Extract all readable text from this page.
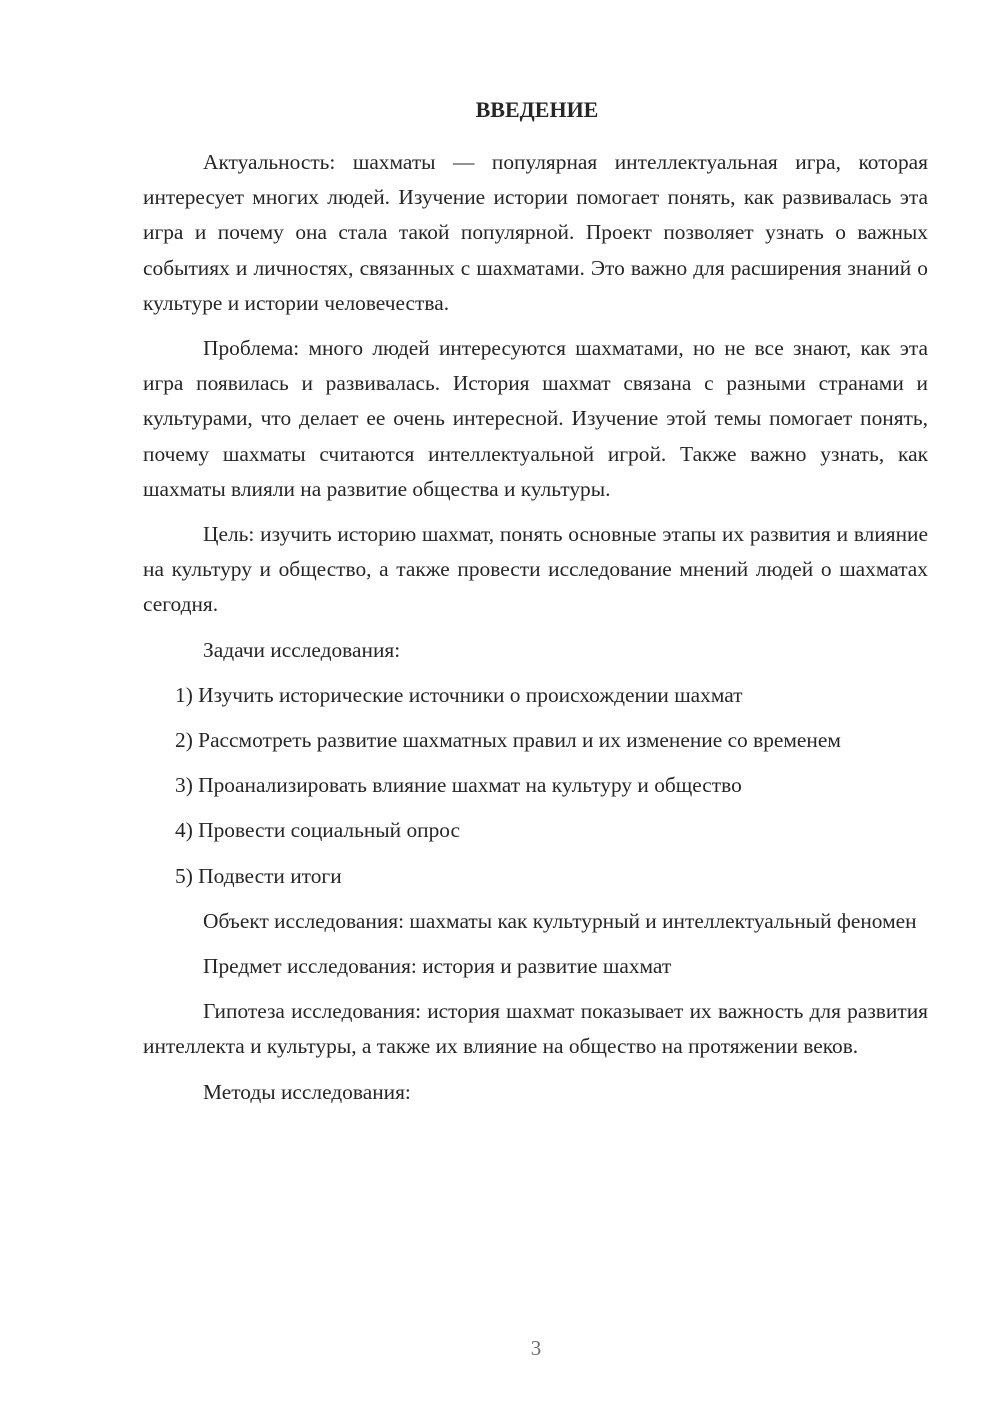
ВВЕДЕНИЕ

Актуальность: шахматы — популярная интеллектуальная игра, которая интересует многих людей. Изучение истории помогает понять, как развивалась эта игра и почему она стала такой популярной. Проект позволяет узнать о важных событиях и личностях, связанных с шахматами. Это важно для расширения знаний о культуре и истории человечества.

Проблема: много людей интересуются шахматами, но не все знают, как эта игра появилась и развивалась. История шахмат связана с разными странами и культурами, что делает ее очень интересной. Изучение этой темы помогает понять, почему шахматы считаются интеллектуальной игрой. Также важно узнать, как шахматы влияли на развитие общества и культуры.

Цель: изучить историю шахмат, понять основные этапы их развития и влияние на культуру и общество, а также провести исследование мнений людей о шахматах сегодня.

Задачи исследования:

1) Изучить исторические источники о происхождении шахмат

2) Рассмотреть развитие шахматных правил и их изменение со временем

3) Проанализировать влияние шахмат на культуру и общество

4) Провести социальный опрос

5) Подвести итоги

Объект исследования: шахматы как культурный и интеллектуальный феномен

Предмет исследования: история и развитие шахмат

Гипотеза исследования: история шахмат показывает их важность для развития интеллекта и культуры, а также их влияние на общество на протяжении веков.

Методы исследования:

3
